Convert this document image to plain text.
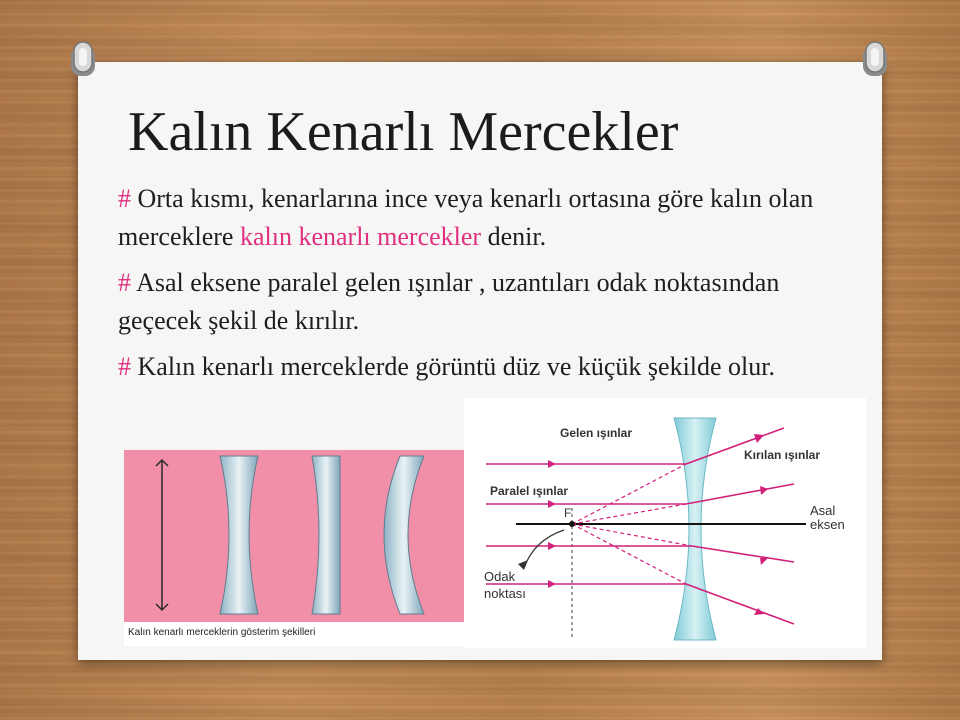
Kalın Kenarlı Mercekler

# Orta kısmı, kenarlarına ince veya kenarlı ortasına göre kalın olan merceklere kalın kenarlı mercekler denir.

# Asal eksene paralel gelen ışınlar , uzantıları odak noktasından geçecek şekil de kırılır.

# Kalın kenarlı merceklerde görüntü düz ve küçük şekilde olur.

Kalın kenarlı merceklerin gösterim şekilleri
Gelen ışınlar
Kırılan ışınlar
Paralel ışınlar
F	Asal
eksen
Odak
noktası
